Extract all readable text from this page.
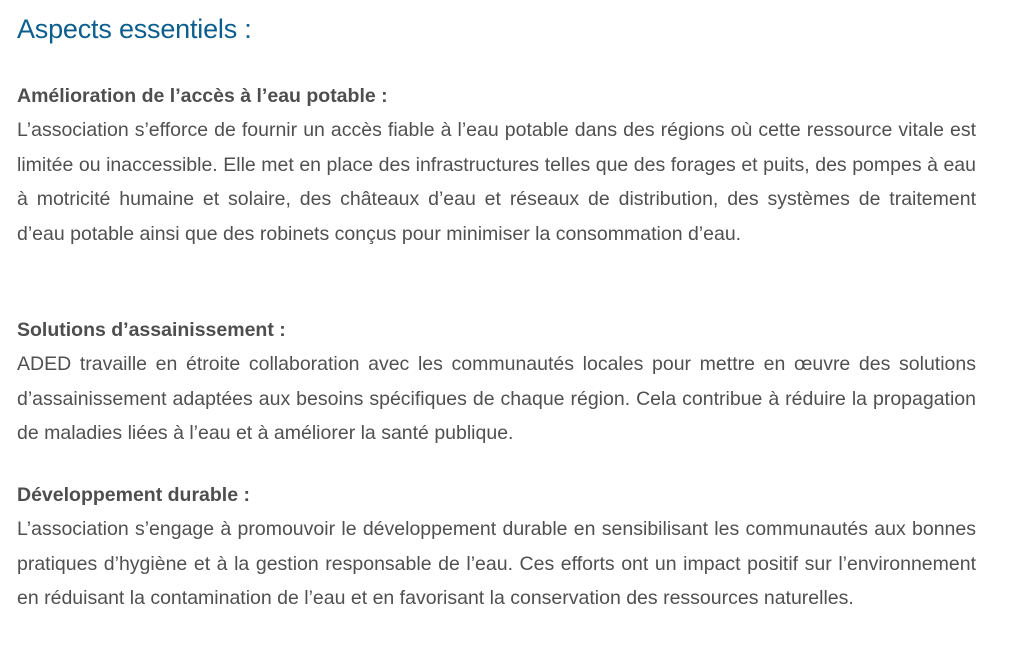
Aspects essentiels :

Amélioration de l’accès à l’eau potable :

L’association s’efforce de fournir un accès fiable à l’eau potable dans des régions où cette ressource vitale est limitée ou inaccessible. Elle met en place des infrastructures telles que des forages et puits, des pompes à eau à motricité humaine et solaire, des châteaux d’eau et réseaux de distribution, des systèmes de traitement d’eau potable ainsi que des robinets conçus pour minimiser la consommation d’eau.

Solutions d’assainissement :

ADED travaille en étroite collaboration avec les communautés locales pour mettre en œuvre des solutions d’assainissement adaptées aux besoins spécifiques de chaque région. Cela contribue à réduire la propagation de maladies liées à l’eau et à améliorer la santé publique.

Développement durable :

L’association s’engage à promouvoir le développement durable en sensibilisant les communautés aux bonnes pratiques d’hygiène et à la gestion responsable de l’eau. Ces efforts ont un impact positif sur l’environnement en réduisant la contamination de l’eau et en favorisant la conservation des ressources naturelles.
